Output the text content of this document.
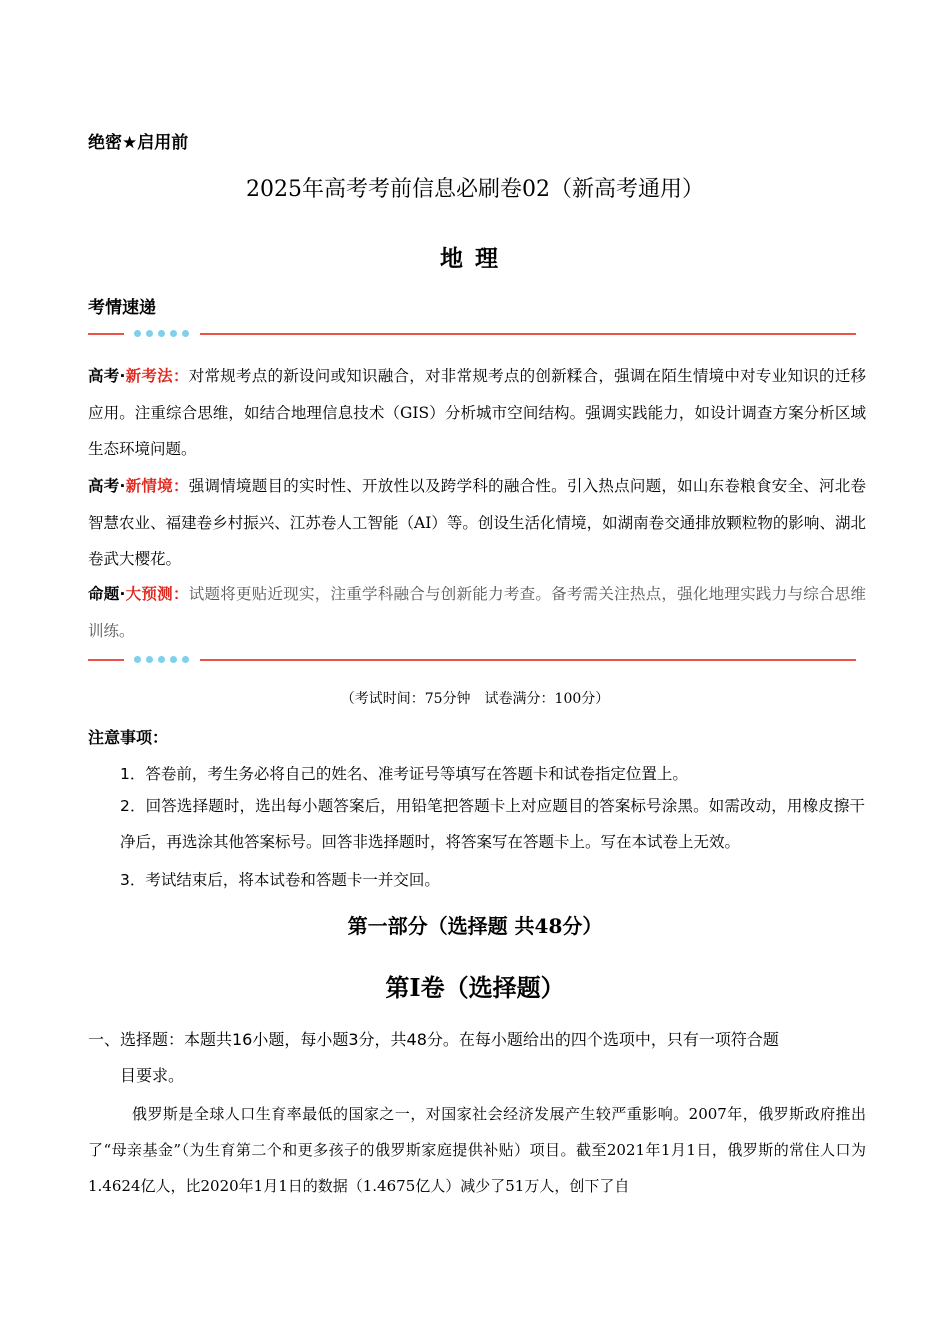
绝密★启用前
2025年高考考前信息必刷卷02（新高考通用）
地理
考情速递
高考·新考法：对常规考点的新设问或知识融合，对非常规考点的创新糅合，强调在陌生情境中对专业知识的迁移应用。注重综合思维，如结合地理信息技术（GIS）分析城市空间结构。强调实践能力，如设计调查方案分析区域生态环境问题。
高考·新情境：强调情境题目的实时性、开放性以及跨学科的融合性。引入热点问题，如山东卷粮食安全、河北卷智慧农业、福建卷乡村振兴、江苏卷人工智能（AI）等。创设生活化情境，如湖南卷交通排放颗粒物的影响、湖北卷武大樱花。
命题·大预测：试题将更贴近现实，注重学科融合与创新能力考查。备考需关注热点，强化地理实践力与综合思维训练。
（考试时间：75分钟　试卷满分：100分）
注意事项：
1．答卷前，考生务必将自己的姓名、准考证号等填写在答题卡和试卷指定位置上。
2．回答选择题时，选出每小题答案后，用铅笔把答题卡上对应题目的答案标号涂黑。如需改动，用橡皮擦干净后，再选涂其他答案标号。回答非选择题时，将答案写在答题卡上。写在本试卷上无效。
3．考试结束后，将本试卷和答题卡一并交回。
第一部分（选择题 共48分）
第Ⅰ卷（选择题）
一、选择题：本题共16小题，每小题3分，共48分。在每小题给出的四个选项中，只有一项符合题
目要求。
俄罗斯是全球人口生育率最低的国家之一，对国家社会经济发展产生较严重影响。2007年，俄罗斯政府推出了“母亲基金”（为生育第二个和更多孩子的俄罗斯家庭提供补贴）项目。截至2021年1月1日，俄罗斯的常住人口为1.4624亿人，比2020年1月1日的数据（1.4675亿人）减少了51万人，创下了自
